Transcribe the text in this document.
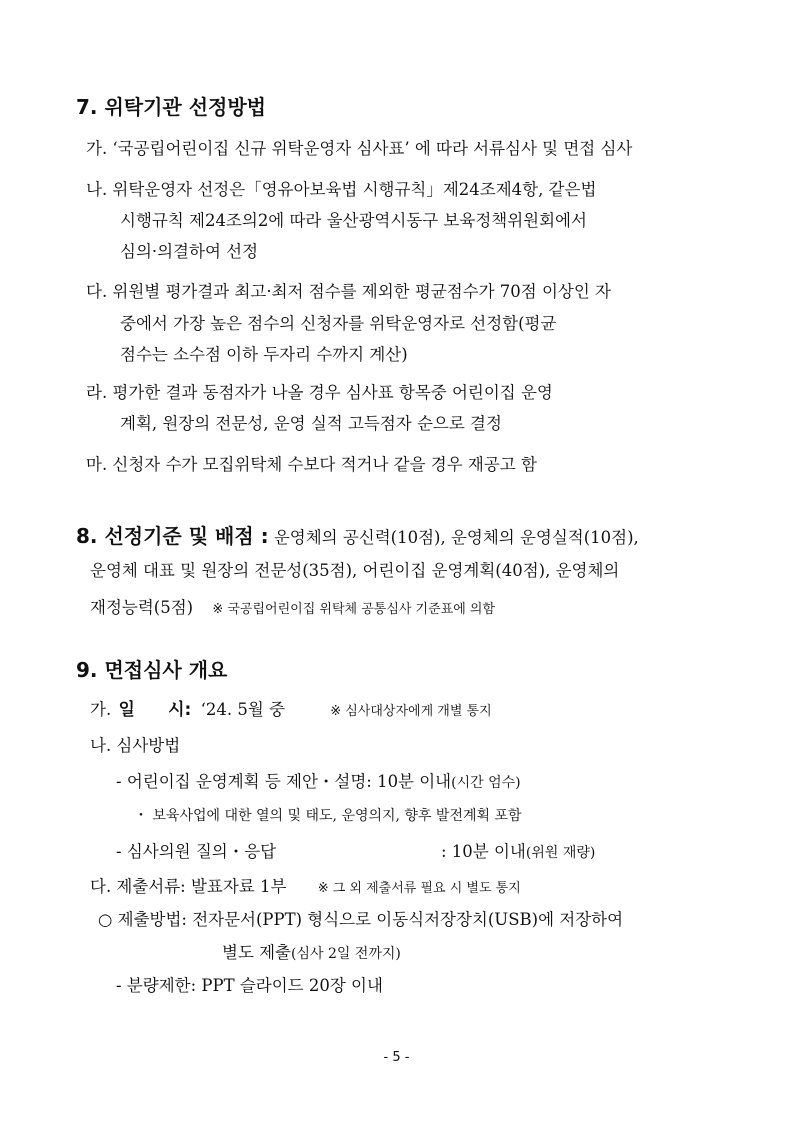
7. 위탁기관 선정방법
가. ‘국공립어린이집 신규 위탁운영자 심사표’ 에 따라 서류심사 및 면접 심사
나. 위탁운영자 선정은「영유아보육법 시행규칙」제24조제4항, 같은법
시행규칙 제24조의2에 따라 울산광역시동구 보육정책위원회에서
심의·의결하여 선정
다. 위원별 평가결과 최고·최저 점수를 제외한 평균점수가 70점 이상인 자
중에서 가장 높은 점수의 신청자를 위탁운영자로 선정함(평균
점수는 소수점 이하 두자리 수까지 계산)
라. 평가한 결과 동점자가 나올 경우 심사표 항목중 어린이집 운영
계획, 원장의 전문성, 운영 실적 고득점자 순으로 결정
마. 신청자 수가 모집위탁체 수보다 적거나 같을 경우 재공고 함
8. 선정기준 및 배점 : 운영체의 공신력(10점), 운영체의 운영실적(10점),
운영체 대표 및 원장의 전문성(35점), 어린이집 운영계획(40점), 운영체의
재정능력(5점) ※ 국공립어린이집 위탁체 공통심사 기준표에 의함
9. 면접심사 개요
가. 일 시: ‘24. 5월 중	※ 심사대상자에게 개별 통지
나. 심사방법
- 어린이집 운영계획 등 제안・설명: 10분 이내(시간 엄수)
・ 보육사업에 대한 열의 및 태도, 운영의지, 향후 발전계획 포함
- 심사의원 질의・응답	: 10분 이내(위원 재량)
다. 제출서류: 발표자료 1부 ※ 그 외 제출서류 필요 시 별도 통지
○ 제출방법: 전자문서(PPT) 형식으로 이동식저장장치(USB)에 저장하여
별도 제출(심사 2일 전까지)
- 분량제한: PPT 슬라이드 20장 이내
- 5 -
